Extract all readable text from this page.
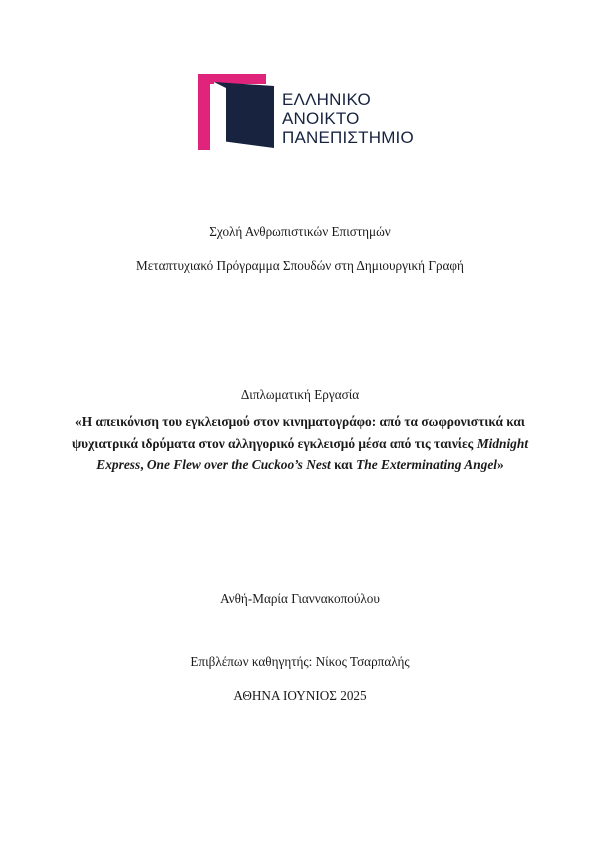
ΕΛΛΗΝΙΚΟ
ΑΝΟΙΚΤΟ
ΠΑΝΕΠΙΣΤΗΜΙΟ
Σχολή Ανθρωπιστικών Επιστημών
Μεταπτυχιακό Πρόγραμμα Σπουδών στη Δημιουργική Γραφή
Διπλωματική Εργασία
«Η απεικόνιση του εγκλεισμού στον κινηματογράφο: από τα σωφρονιστικά και ψυχιατρικά ιδρύματα στον αλληγορικό εγκλεισμό μέσα από τις ταινίες Midnight Express, One Flew over the Cuckoo’s Nest και The Exterminating Angel»
Ανθή-Μαρία Γιαννακοπούλου
Επιβλέπων καθηγητής: Νίκος Τσαρπαλής
ΑΘΗΝΑ ΙΟΥΝΙΟΣ 2025
